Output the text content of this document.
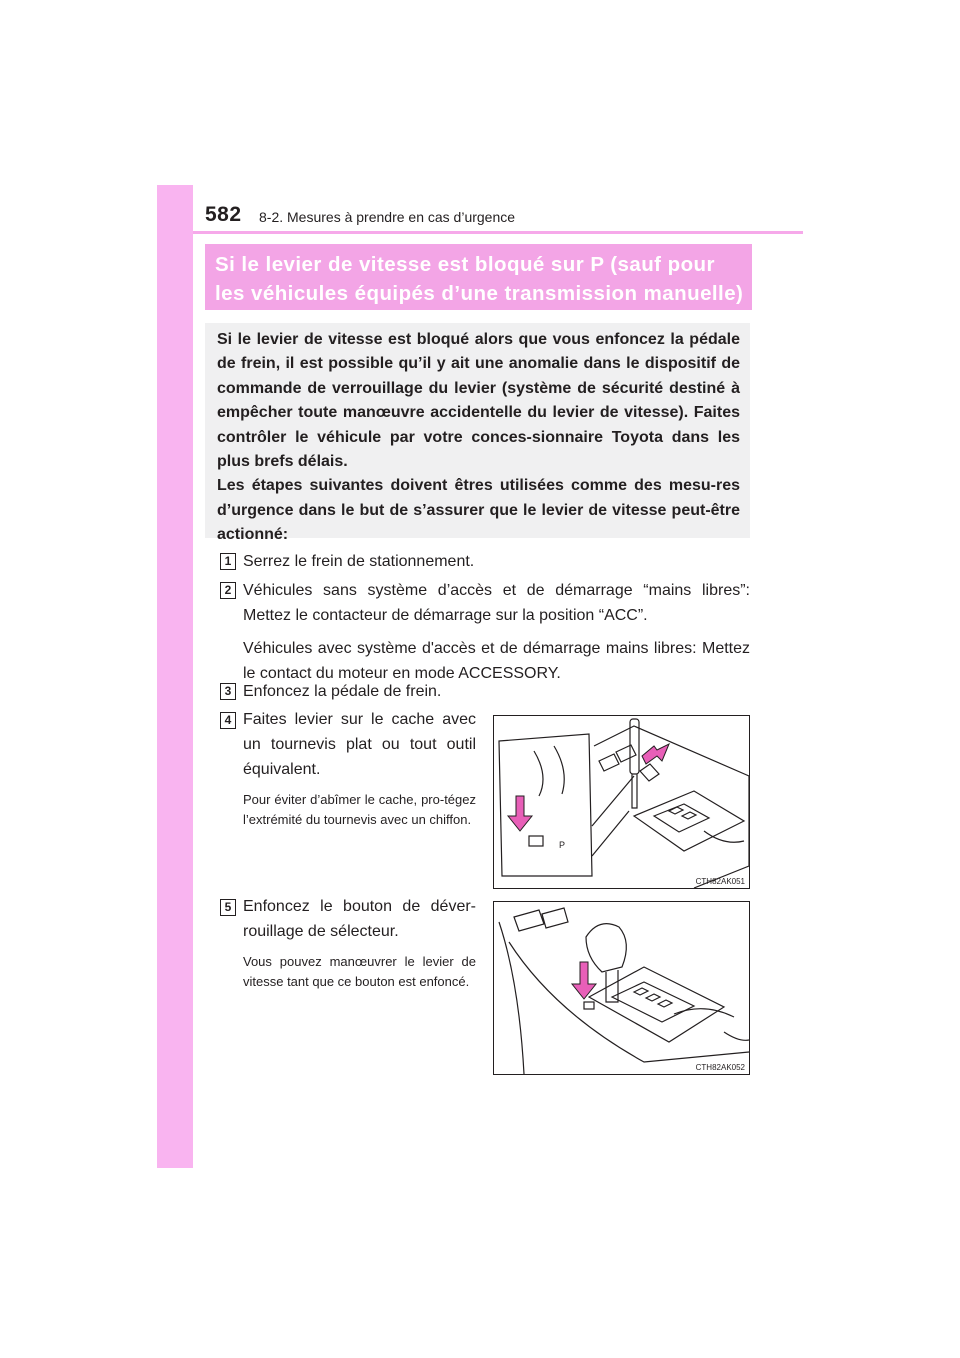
582 8-2. Mesures à prendre en cas d’urgence
Si le levier de vitesse est bloqué sur P (sauf pour
les véhicules équipés d’une transmission manuelle)

Si le levier de vitesse est bloqué alors que vous enfoncez la pédale de frein, il est possible qu’il y ait une anomalie dans le dispositif de commande de verrouillage du levier (système de sécurité destiné à empêcher toute manœuvre accidentelle du levier de vitesse). Faites contrôler le véhicule par votre conces-sionnaire Toyota dans les plus brefs délais.

Les étapes suivantes doivent êtres utilisées comme des mesu-res d’urgence dans le but de s’assurer que le levier de vitesse peut-être actionné:

1 Serrez le frein de stationnement.
2 Véhicules sans système d’accès et de démarrage “mains libres”: Mettez le contacteur de démarrage sur la position “ACC”.

Véhicules avec système d'accès et de démarrage mains libres: Mettez le contact du moteur en mode ACCESSORY.

3 Enfoncez la pédale de frein.
4 Faites levier sur le cache avec un tournevis plat ou tout outil équivalent.

Pour éviter d’abîmer le cache, pro-tégez l’extrémité du tournevis avec un chiffon.

P
CTH82AK051
5 Enfoncez le bouton de déver-rouillage de sélecteur.

Vous pouvez manœuvrer le levier de vitesse tant que ce bouton est enfoncé.

CTH82AK052
